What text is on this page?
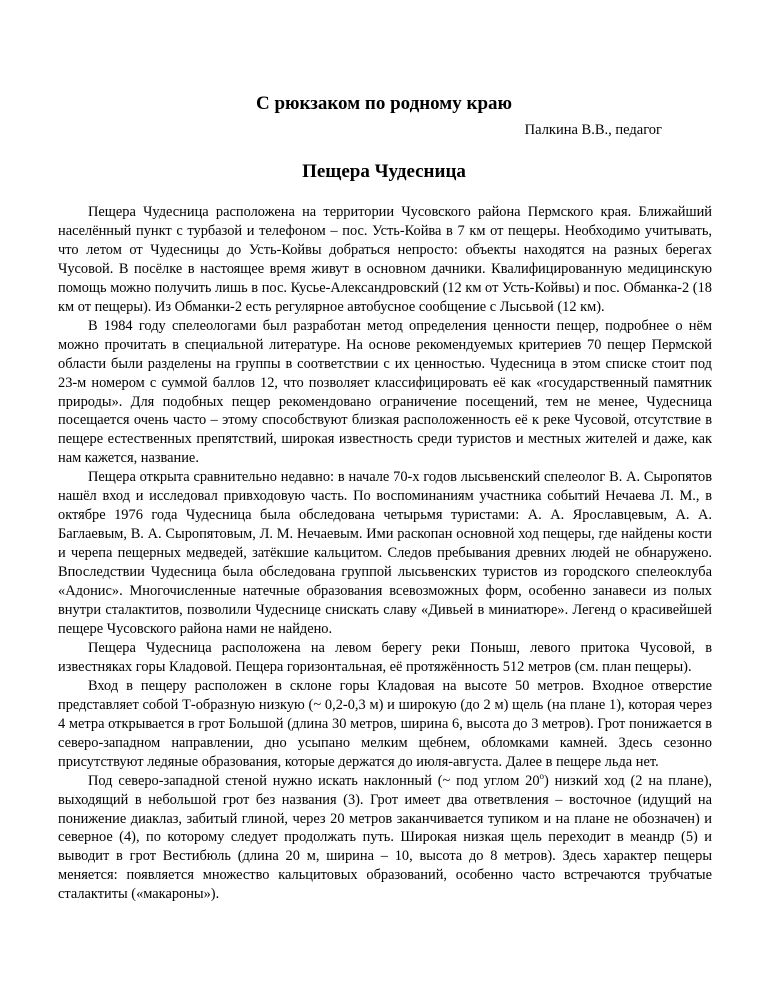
С рюкзаком по родному краю
Палкина В.В., педагог
Пещера Чудесница

Пещера Чудесница расположена на территории Чусовского района Пермского края. Ближайший населённый пункт с турбазой и телефоном – пос. Усть-Койва в 7 км от пещеры. Необходимо учитывать, что летом от Чудесницы до Усть-Койвы добраться непросто: объекты находятся на разных берегах Чусовой. В посёлке в настоящее время живут в основном дачники. Квалифицированную медицинскую помощь можно получить лишь в пос. Кусье-Александровский (12 км от Усть-Койвы) и пос. Обманка-2 (18 км от пещеры). Из Обманки-2 есть регулярное автобусное сообщение с Лысьвой (12 км).

В 1984 году спелеологами был разработан метод определения ценности пещер, подробнее о нём можно прочитать в специальной литературе. На основе рекомендуемых критериев 70 пещер Пермской области были разделены на группы в соответствии с их ценностью. Чудесница в этом списке стоит под 23-м номером с суммой баллов 12, что позволяет классифицировать её как «государственный памятник природы». Для подобных пещер рекомендовано ограничение посещений, тем не менее, Чудесница посещается очень часто – этому способствуют близкая расположенность её к реке Чусовой, отсутствие в пещере естественных препятствий, широкая известность среди туристов и местных жителей и даже, как нам кажется, название.

Пещера открыта сравнительно недавно: в начале 70-х годов лысьвенский спелеолог В. А. Сыропятов нашёл вход и исследовал привходовую часть. По воспоминаниям участника событий Нечаева Л. М., в октябре 1976 года Чудесница была обследована четырьмя туристами: А. А. Ярославцевым, А. А. Баглаевым, В. А. Сыропятовым, Л. М. Нечаевым. Ими раскопан основной ход пещеры, где найдены кости и черепа пещерных медведей, затёкшие кальцитом. Следов пребывания древних людей не обнаружено. Впоследствии Чудесница была обследована группой лысьвенских туристов из городского спелеоклуба «Адонис». Многочисленные натечные образования всевозможных форм, особенно занавеси из полых внутри сталактитов, позволили Чудеснице снискать славу «Дивьей в миниатюре». Легенд о красивейшей пещере Чусовского района нами не найдено.

Пещера Чудесница расположена на левом берегу реки Поныш, левого притока Чусовой, в известняках горы Кладовой. Пещера горизонтальная, её протяжённость 512 метров (см. план пещеры).

Вход в пещеру расположен в склоне горы Кладовая на высоте 50 метров. Входное отверстие представляет собой Т-образную низкую (~ 0,2-0,3 м) и широкую (до 2 м) щель (на плане 1), которая через 4 метра открывается в грот Большой (длина 30 метров, ширина 6, высота до 3 метров). Грот понижается в северо-западном направлении, дно усыпано мелким щебнем, обломками камней. Здесь сезонно присутствуют ледяные образования, которые держатся до июля-августа. Далее в пещере льда нет.

Под северо-западной стеной нужно искать наклонный (~ под углом $20^о$) низкий ход (2 на плане), выходящий в небольшой грот без названия (3). Грот имеет два ответвления – восточное (идущий на понижение диаклаз, забитый глиной, через 20 метров заканчивается тупиком и на плане не обозначен) и северное (4), по которому следует продолжать путь. Широкая низкая щель переходит в меандр (5) и выводит в грот Вестибюль (длина 20 м, ширина – 10, высота до 8 метров). Здесь характер пещеры меняется: появляется множество кальцитовых образований, особенно часто встречаются трубчатые сталактиты («макароны»).
